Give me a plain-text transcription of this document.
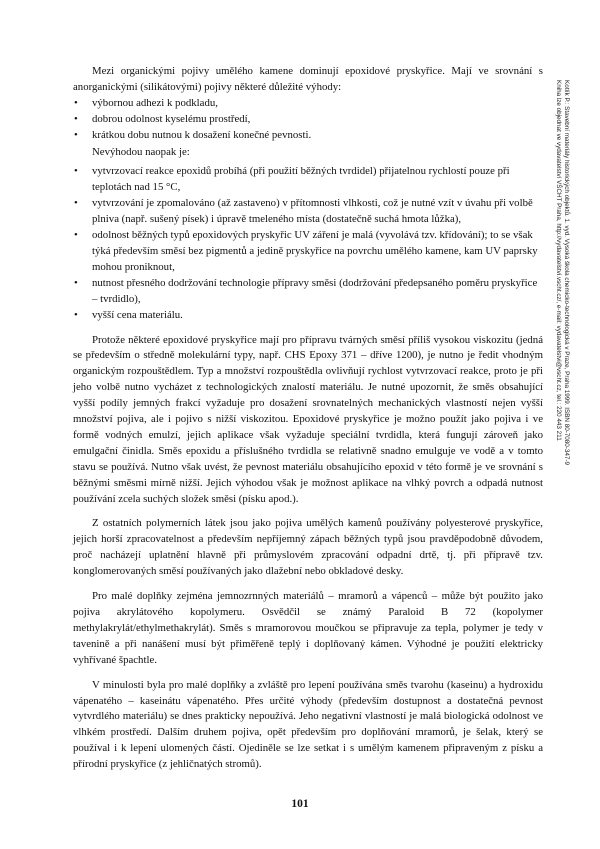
Mezi organickými pojivy umělého kamene dominují epoxidové pryskyřice. Mají ve srovnání s anorganickými (silikátovými) pojivy některé důležité výhody:

• výbornou adhezi k podkladu,
• dobrou odolnost kyselému prostředí,
• krátkou dobu nutnou k dosažení konečné pevnosti.

Nevýhodou naopak je:

• vytvrzovací reakce epoxidů probíhá (při použití běžných tvrdidel) přijatelnou rychlostí pouze při teplotách nad 15 °C,
• vytvrzování je zpomalováno (až zastaveno) v přítomnosti vlhkosti, což je nutné vzít v úvahu při volbě plniva (např. sušený písek) i úpravě tmeleného místa (dostatečně suchá hmota lůžka),
• odolnost běžných typů epoxidových pryskyřic UV záření je malá (vyvolává tzv. křídování); to se však týká především směsí bez pigmentů a jedině pryskyřice na povrchu umělého kamene, kam UV paprsky mohou proniknout,
• nutnost přesného dodržování technologie přípravy směsi (dodržování předepsaného poměru pryskyřice – tvrdidlo),
• vyšší cena materiálu.

Protože některé epoxidové pryskyřice mají pro přípravu tvárných směsí příliš vysokou viskozitu (jedná se především o středně molekulární typy, např. CHS Epoxy 371 – dříve 1200), je nutno je ředit vhodným organickým rozpouštědlem. Typ a množství rozpouštědla ovlivňují rychlost vytvrzovací reakce, proto je při jeho volbě nutno vycházet z technologických znalostí materiálu. Je nutné upozornit, že směs obsahující vyšší podíly jemných frakcí vyžaduje pro dosažení srovnatelných mechanických vlastností nejen vyšší množství pojiva, ale i pojivo s nižší viskozitou. Epoxidové pryskyřice je možno použít jako pojiva i ve formě vodných emulzí, jejich aplikace však vyžaduje speciální tvrdidla, která fungují zároveň jako emulgační činidla. Směs epoxidu a příslušného tvrdidla se relativně snadno emulguje ve vodě a v tomto stavu se používá. Nutno však uvést, že pevnost materiálu obsahujícího epoxid v této formě je ve srovnání s běžnými směsmi mírně nižší. Jejich výhodou však je možnost aplikace na vlhký povrch a odpadá nutnost používání zcela suchých složek směsi (písku apod.).

Z ostatních polymerních látek jsou jako pojiva umělých kamenů používány polyesterové pryskyřice, jejich horší zpracovatelnost a především nepříjemný zápach běžných typů jsou pravděpodobně důvodem, proč nacházejí uplatnění hlavně při průmyslovém zpracování odpadní drtě, tj. při přípravě tzv. konglomerovaných směsí používaných jako dlažební nebo obkladové desky.

Pro malé doplňky zejména jemnozrnných materiálů – mramorů a vápenců – může být použito jako pojiva akrylátového kopolymeru. Osvědčil se známý Paraloid B 72 (kopolymer methylakrylát/ethylmethakrylát). Směs s mramorovou moučkou se připravuje za tepla, polymer je tedy v tavenině a při nanášení musí být přiměřeně teplý i doplňovaný kámen. Výhodné je použití elektricky vyhřívané špachtle.

V minulosti byla pro malé doplňky a zvláště pro lepení používána směs tvarohu (kaseinu) a hydroxidu vápenatého – kaseinátu vápenatého. Přes určité výhody (především dostupnost a dostatečná pevnost vytvrdlého materiálu) se dnes prakticky nepoužívá. Jeho negativní vlastností je malá biologická odolnost ve vlhkém prostředí. Dalším druhem pojiva, opět především pro doplňování mramorů, je šelak, který se používal i k lepení ulomených částí. Ojediněle se lze setkat i s umělým kamenem připraveným z písku a přírodní pryskyřice (z jehličnatých stromů).

101
Kotlík P.: Stavební materiály historických objektů. 1. vyd. Vysoká škola chemicko-technologická v Praze, Praha 1999. ISBN 80-7080-347-9
Kniha lze objednat ve vydavatelství VŠCHT Praha, http://vydavatelstvi.vscht.cz/, e-mail: vydavatelstvi@vscht.cz, tel.: 220 443 211
